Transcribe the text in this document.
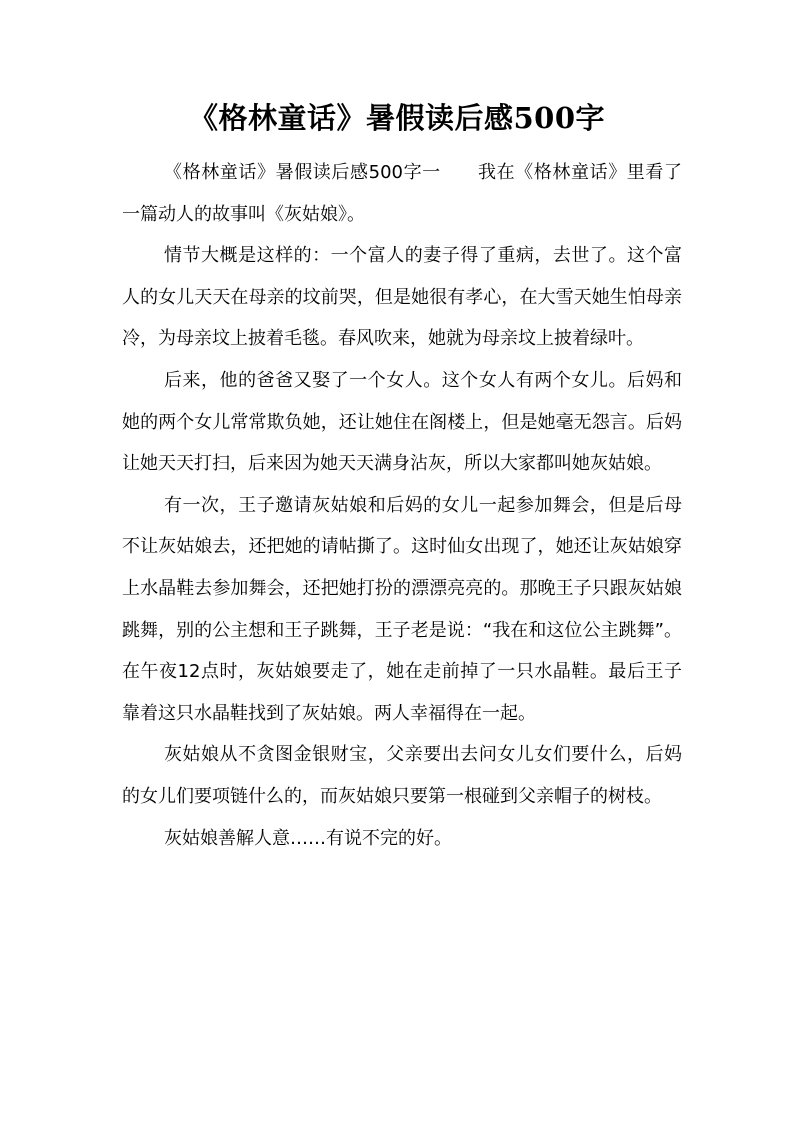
《格林童话》暑假读后感500字

《格林童话》暑假读后感500字一　　我在《格林童话》里看了一篇动人的故事叫《灰姑娘》。

情节大概是这样的：一个富人的妻子得了重病，去世了。这个富人的女儿天天在母亲的坟前哭，但是她很有孝心，在大雪天她生怕母亲冷，为母亲坟上披着毛毯。春风吹来，她就为母亲坟上披着绿叶。

后来，他的爸爸又娶了一个女人。这个女人有两个女儿。后妈和她的两个女儿常常欺负她，还让她住在阁楼上，但是她毫无怨言。后妈让她天天打扫，后来因为她天天满身沾灰，所以大家都叫她灰姑娘。

有一次，王子邀请灰姑娘和后妈的女儿一起参加舞会，但是后母不让灰姑娘去，还把她的请帖撕了。这时仙女出现了，她还让灰姑娘穿上水晶鞋去参加舞会，还把她打扮的漂漂亮亮的。那晚王子只跟灰姑娘跳舞，别的公主想和王子跳舞，王子老是说：“我在和这位公主跳舞”。在午夜12点时，灰姑娘要走了，她在走前掉了一只水晶鞋。最后王子靠着这只水晶鞋找到了灰姑娘。两人幸福得在一起。

灰姑娘从不贪图金银财宝，父亲要出去问女儿女们要什么，后妈的女儿们要项链什么的，而灰姑娘只要第一根碰到父亲帽子的树枝。

灰姑娘善解人意……有说不完的好。
